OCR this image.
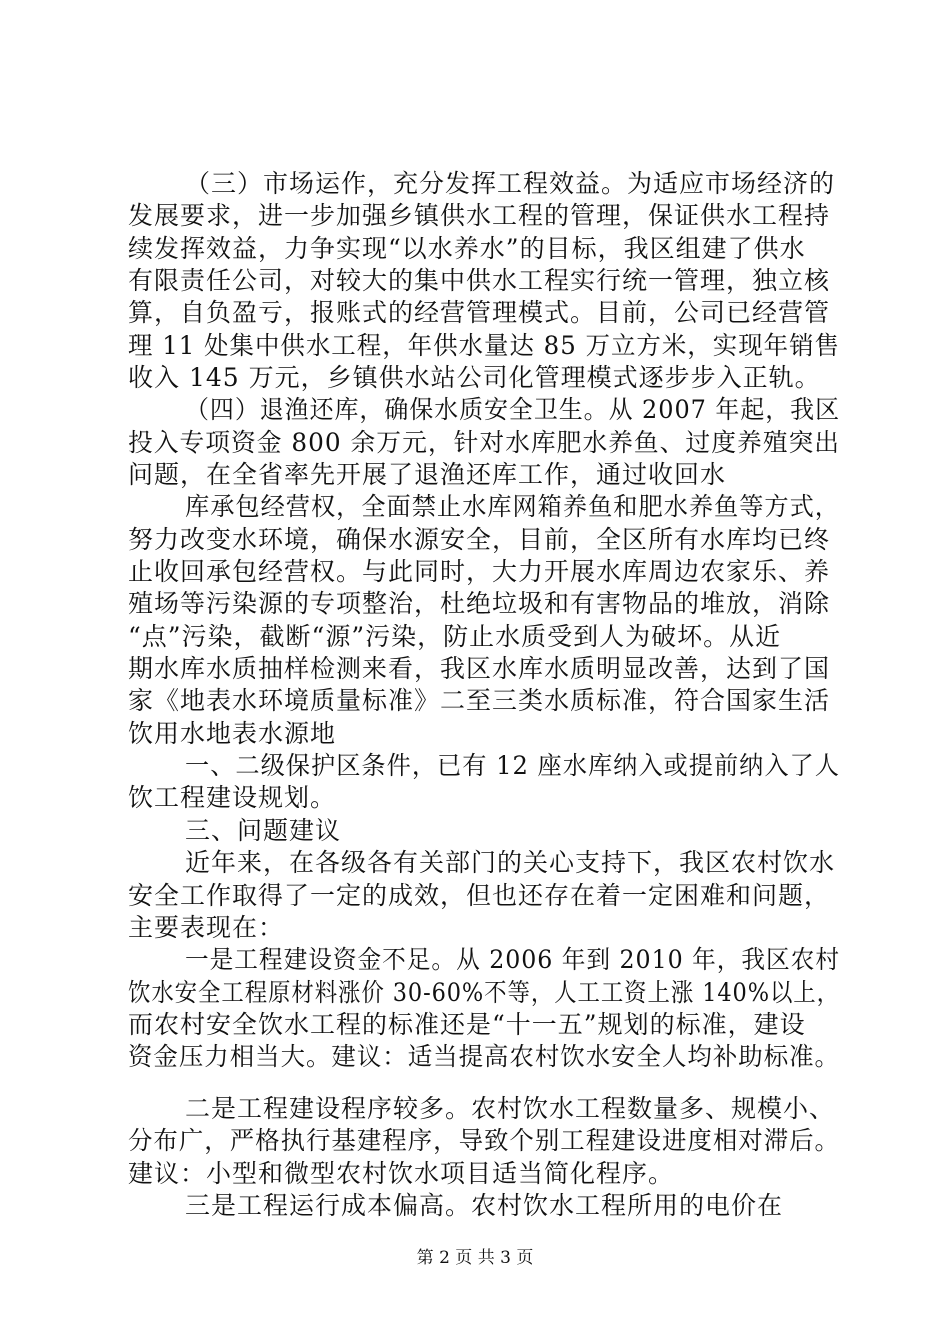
（三）市场运作，充分发挥工程效益。为适应市场经济的
发展要求，进一步加强乡镇供水工程的管理，保证供水工程持
续发挥效益，力争实现“以水养水”的目标，我区组建了供水
有限责任公司，对较大的集中供水工程实行统一管理，独立核
算，自负盈亏，报账式的经营管理模式。目前，公司已经营管
理 11 处集中供水工程，年供水量达 85 万立方米，实现年销售
收入 145 万元，乡镇供水站公司化管理模式逐步步入正轨。
（四）退渔还库，确保水质安全卫生。从 2007 年起，我区
投入专项资金 800 余万元，针对水库肥水养鱼、过度养殖突出
问题，在全省率先开展了退渔还库工作，通过收回水
库承包经营权，全面禁止水库网箱养鱼和肥水养鱼等方式，
努力改变水环境，确保水源安全，目前，全区所有水库均已终
止收回承包经营权。与此同时，大力开展水库周边农家乐、养
殖场等污染源的专项整治，杜绝垃圾和有害物品的堆放，消除
“点”污染，截断“源”污染，防止水质受到人为破坏。从近
期水库水质抽样检测来看，我区水库水质明显改善，达到了国
家《地表水环境质量标准》二至三类水质标准，符合国家生活
饮用水地表水源地
一、二级保护区条件，已有 12 座水库纳入或提前纳入了人
饮工程建设规划。
三、问题建议
近年来，在各级各有关部门的关心支持下，我区农村饮水
安全工作取得了一定的成效，但也还存在着一定困难和问题，
主要表现在：
一是工程建设资金不足。从 2006 年到 2010 年，我区农村
饮水安全工程原材料涨价 30-60%不等，人工工资上涨 140%以上，
而农村安全饮水工程的标准还是“十一五”规划的标准，建设
资金压力相当大。建议：适当提高农村饮水安全人均补助标准。
二是工程建设程序较多。农村饮水工程数量多、规模小、
分布广，严格执行基建程序，导致个别工程建设进度相对滞后。
建议：小型和微型农村饮水项目适当简化程序。
三是工程运行成本偏高。农村饮水工程所用的电价在
第 2 页 共 3 页
